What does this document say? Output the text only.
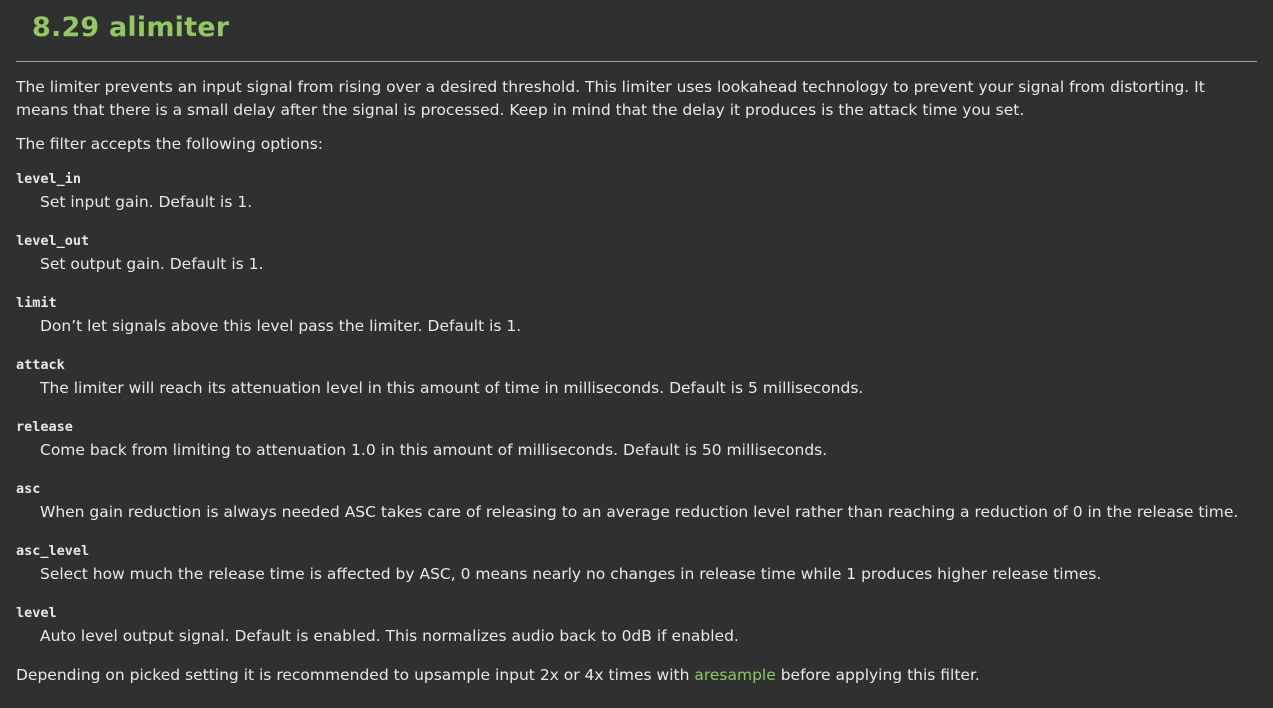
8.29 alimiter

The limiter prevents an input signal from rising over a desired threshold. This limiter uses lookahead technology to prevent your signal from distorting. It means that there is a small delay after the signal is processed. Keep in mind that the delay it produces is the attack time you set.

The filter accepts the following options:

level_in
Set input gain. Default is 1.
level_out
Set output gain. Default is 1.
limit
Don’t let signals above this level pass the limiter. Default is 1.
attack
The limiter will reach its attenuation level in this amount of time in milliseconds. Default is 5 milliseconds.
release
Come back from limiting to attenuation 1.0 in this amount of milliseconds. Default is 50 milliseconds.
asc
When gain reduction is always needed ASC takes care of releasing to an average reduction level rather than reaching a reduction of 0 in the release time.
asc_level
Select how much the release time is affected by ASC, 0 means nearly no changes in release time while 1 produces higher release times.
level
Auto level output signal. Default is enabled. This normalizes audio back to 0dB if enabled.

Depending on picked setting it is recommended to upsample input 2x or 4x times with aresample before applying this filter.
